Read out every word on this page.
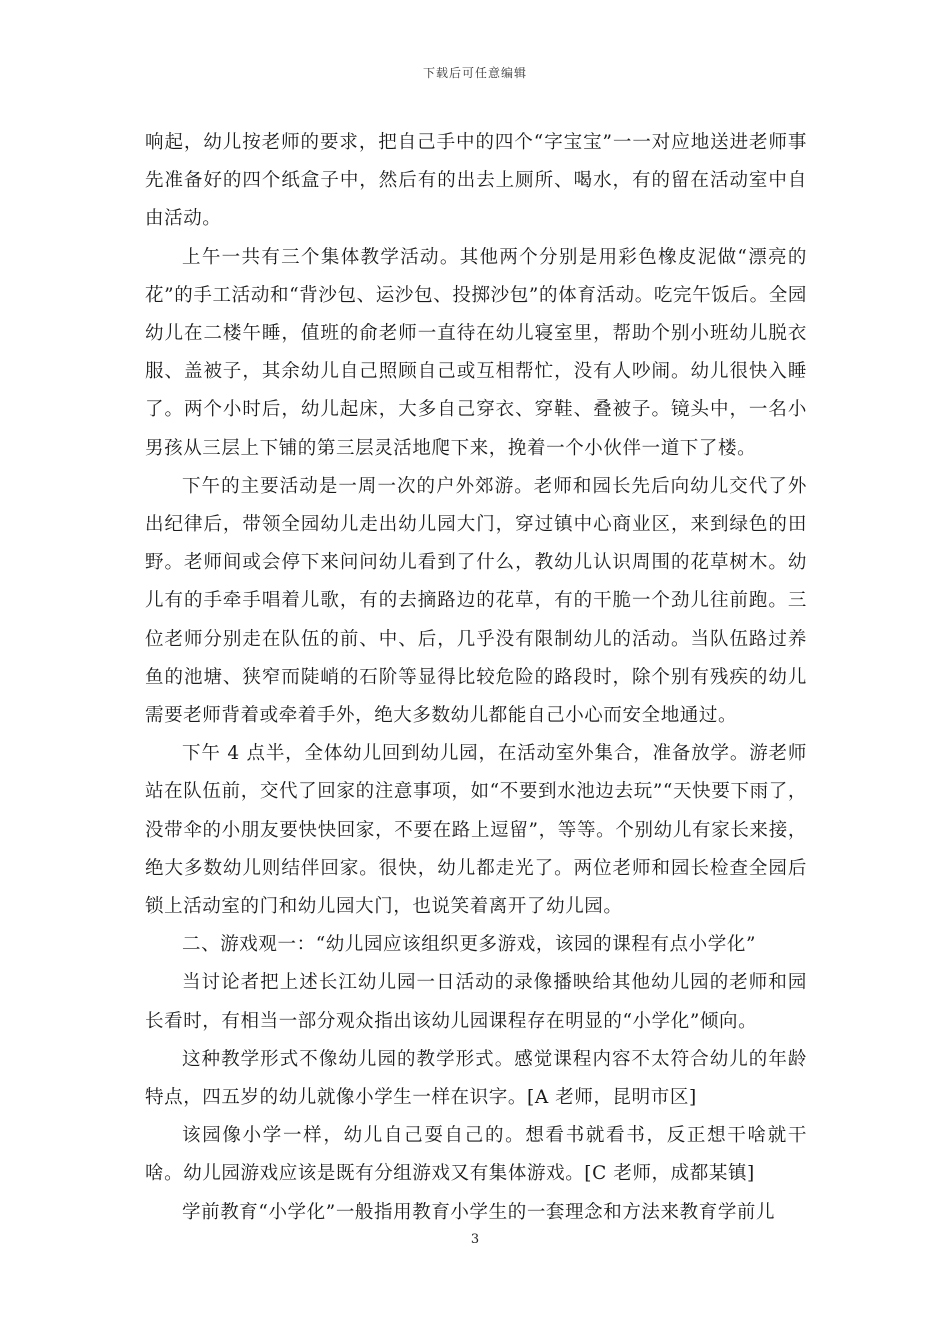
下载后可任意编辑

响起，幼儿按老师的要求，把自己手中的四个“字宝宝”一一对应地送进老师事先准备好的四个纸盒子中，然后有的出去上厕所、喝水，有的留在活动室中自由活动。

上午一共有三个集体教学活动。其他两个分别是用彩色橡皮泥做“漂亮的花”的手工活动和“背沙包、运沙包、投掷沙包”的体育活动。吃完午饭后。全园幼儿在二楼午睡，值班的俞老师一直待在幼儿寝室里，帮助个别小班幼儿脱衣服、盖被子，其余幼儿自己照顾自己或互相帮忙，没有人吵闹。幼儿很快入睡了。两个小时后，幼儿起床，大多自己穿衣、穿鞋、叠被子。镜头中，一名小男孩从三层上下铺的第三层灵活地爬下来，挽着一个小伙伴一道下了楼。

下午的主要活动是一周一次的户外郊游。老师和园长先后向幼儿交代了外出纪律后，带领全园幼儿走出幼儿园大门，穿过镇中心商业区，来到绿色的田野。老师间或会停下来问问幼儿看到了什么，教幼儿认识周围的花草树木。幼儿有的手牵手唱着儿歌，有的去摘路边的花草，有的干脆一个劲儿往前跑。三位老师分别走在队伍的前、中、后，几乎没有限制幼儿的活动。当队伍路过养鱼的池塘、狭窄而陡峭的石阶等显得比较危险的路段时，除个别有残疾的幼儿需要老师背着或牵着手外，绝大多数幼儿都能自己小心而安全地通过。

下午 4 点半，全体幼儿回到幼儿园，在活动室外集合，准备放学。游老师站在队伍前，交代了回家的注意事项，如“不要到水池边去玩”“天快要下雨了，没带伞的小朋友要快快回家，不要在路上逗留”，等等。个别幼儿有家长来接，绝大多数幼儿则结伴回家。很快，幼儿都走光了。两位老师和园长检查全园后锁上活动室的门和幼儿园大门，也说笑着离开了幼儿园。

二、游戏观一：“幼儿园应该组织更多游戏，该园的课程有点小学化”

当讨论者把上述长江幼儿园一日活动的录像播映给其他幼儿园的老师和园长看时，有相当一部分观众指出该幼儿园课程存在明显的“小学化”倾向。

这种教学形式不像幼儿园的教学形式。感觉课程内容不太符合幼儿的年龄特点，四五岁的幼儿就像小学生一样在识字。[A 老师，昆明市区]

该园像小学一样，幼儿自己耍自己的。想看书就看书，反正想干啥就干啥。幼儿园游戏应该是既有分组游戏又有集体游戏。[C 老师，成都某镇]

学前教育“小学化”一般指用教育小学生的一套理念和方法来教育学前儿

3
